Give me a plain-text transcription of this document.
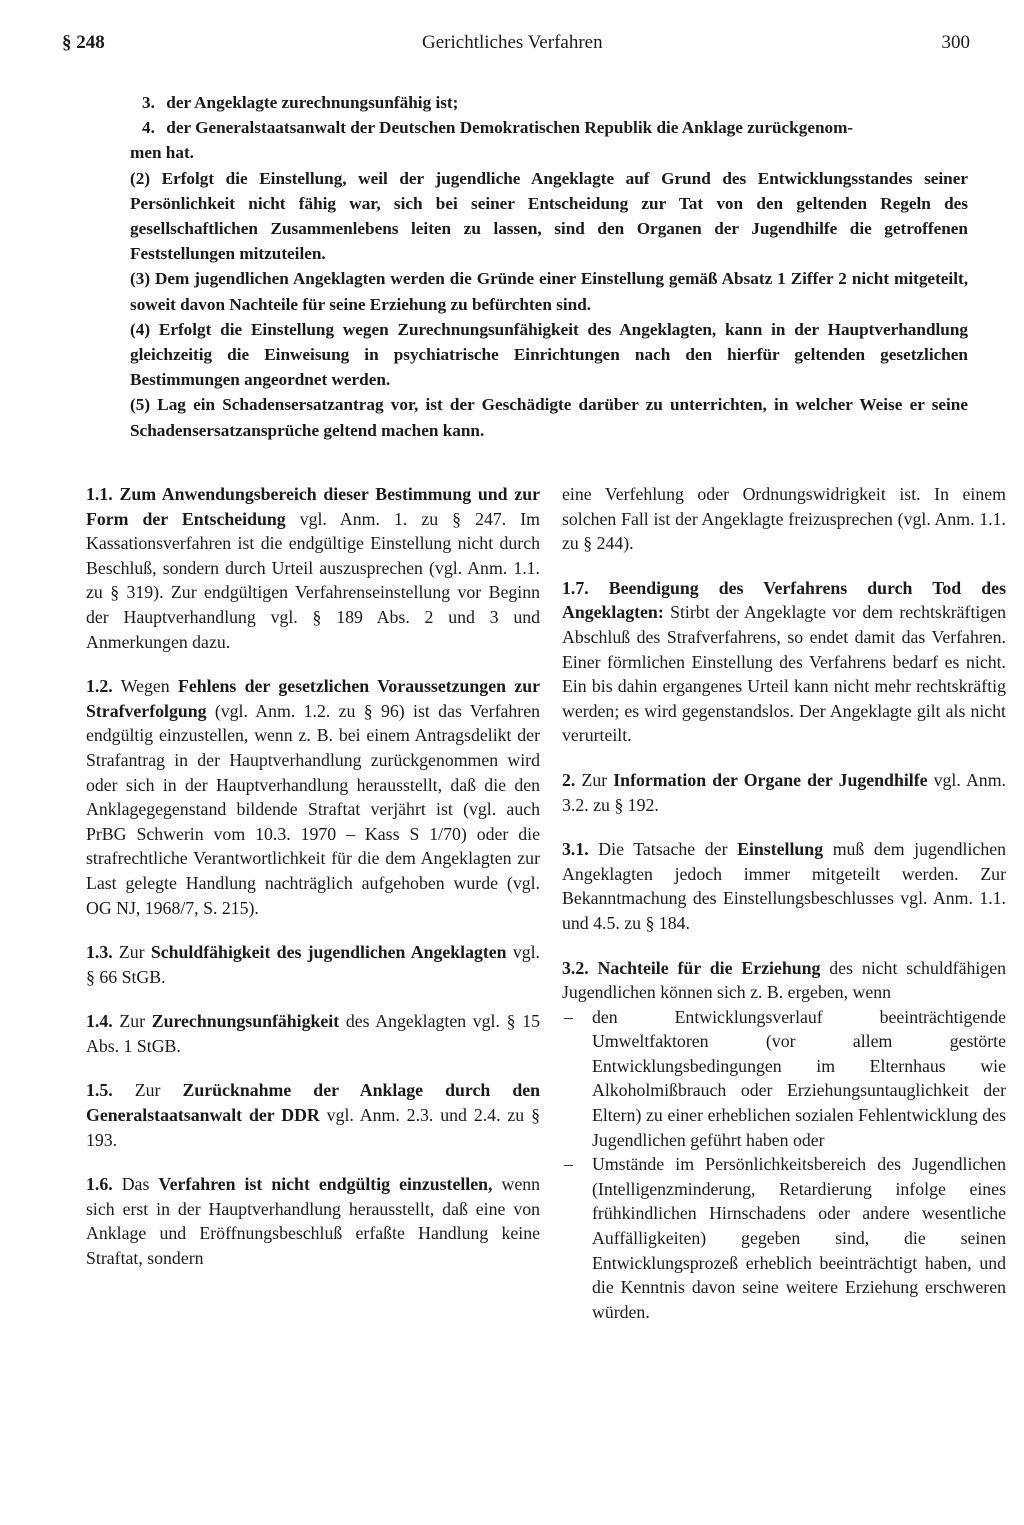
§ 248	Gerichtliches Verfahren	300

3. der Angeklagte zurechnungsunfähig ist;

4. der Generalstaatsanwalt der Deutschen Demokratischen Republik die Anklage zurückgenom-

men hat.

(2) Erfolgt die Einstellung, weil der jugendliche Angeklagte auf Grund des Entwicklungsstandes seiner Persönlichkeit nicht fähig war, sich bei seiner Entscheidung zur Tat von den geltenden Regeln des gesellschaftlichen Zusammenlebens leiten zu lassen, sind den Organen der Jugendhilfe die getroffenen Feststellungen mitzuteilen.

(3) Dem jugendlichen Angeklagten werden die Gründe einer Einstellung gemäß Absatz 1 Ziffer 2 nicht mitgeteilt, soweit davon Nachteile für seine Erziehung zu befürchten sind.

(4) Erfolgt die Einstellung wegen Zurechnungsunfähigkeit des Angeklagten, kann in der Hauptverhandlung gleichzeitig die Einweisung in psychiatrische Einrichtungen nach den hierfür geltenden gesetzlichen Bestimmungen angeordnet werden.

(5) Lag ein Schadensersatzantrag vor, ist der Geschädigte darüber zu unterrichten, in welcher Weise er seine Schadensersatzansprüche geltend machen kann.

1.1. Zum Anwendungsbereich dieser Bestimmung und zur Form der Entscheidung vgl. Anm. 1. zu § 247. Im Kassationsverfahren ist die endgültige Einstellung nicht durch Beschluß, sondern durch Urteil auszusprechen (vgl. Anm. 1.1. zu § 319). Zur endgültigen Verfahrenseinstellung vor Beginn der Hauptverhandlung vgl. § 189 Abs. 2 und 3 und Anmerkungen dazu.

1.2. Wegen Fehlens der gesetzlichen Voraussetzungen zur Strafverfolgung (vgl. Anm. 1.2. zu § 96) ist das Verfahren endgültig einzustellen, wenn z. B. bei einem Antragsdelikt der Strafantrag in der Hauptverhandlung zurückgenommen wird oder sich in der Hauptverhandlung herausstellt, daß die den Anklagegegenstand bildende Straftat verjährt ist (vgl. auch PrBG Schwerin vom 10.3. 1970 – Kass S 1/70) oder die strafrechtliche Verantwortlichkeit für die dem Angeklagten zur Last gelegte Handlung nachträglich aufgehoben wurde (vgl. OG NJ, 1968/7, S. 215).

1.3. Zur Schuldfähigkeit des jugendlichen Angeklagten vgl. § 66 StGB.

1.4. Zur Zurechnungsunfähigkeit des Angeklagten vgl. § 15 Abs. 1 StGB.

1.5. Zur Zurücknahme der Anklage durch den Generalstaatsanwalt der DDR vgl. Anm. 2.3. und 2.4. zu § 193.

1.6. Das Verfahren ist nicht endgültig einzustellen, wenn sich erst in der Hauptverhandlung herausstellt, daß eine von Anklage und Eröffnungsbeschluß erfaßte Handlung keine Straftat, sondern

eine Verfehlung oder Ordnungswidrigkeit ist. In einem solchen Fall ist der Angeklagte freizusprechen (vgl. Anm. 1.1. zu § 244).

1.7. Beendigung des Verfahrens durch Tod des Angeklagten: Stirbt der Angeklagte vor dem rechtskräftigen Abschluß des Strafverfahrens, so endet damit das Verfahren. Einer förmlichen Einstellung des Verfahrens bedarf es nicht. Ein bis dahin ergangenes Urteil kann nicht mehr rechtskräftig werden; es wird gegenstandslos. Der Angeklagte gilt als nicht verurteilt.

2. Zur Information der Organe der Jugendhilfe vgl. Anm. 3.2. zu § 192.

3.1. Die Tatsache der Einstellung muß dem jugendlichen Angeklagten jedoch immer mitgeteilt werden. Zur Bekanntmachung des Einstellungsbeschlusses vgl. Anm. 1.1. und 4.5. zu § 184.

3.2. Nachteile für die Erziehung des nicht schuldfähigen Jugendlichen können sich z. B. ergeben, wenn

– den Entwicklungsverlauf beeinträchtigende Umweltfaktoren (vor allem gestörte Entwicklungsbedingungen im Elternhaus wie Alkoholmißbrauch oder Erziehungsuntauglichkeit der Eltern) zu einer erheblichen sozialen Fehlentwicklung des Jugendlichen geführt haben oder
– Umstände im Persönlichkeitsbereich des Jugendlichen (Intelligenzminderung, Retardierung infolge eines frühkindlichen Hirnschadens oder andere wesentliche Auffälligkeiten) gegeben sind, die seinen Entwicklungsprozeß erheblich beeinträchtigt haben, und die Kenntnis davon seine weitere Erziehung erschweren würden.
